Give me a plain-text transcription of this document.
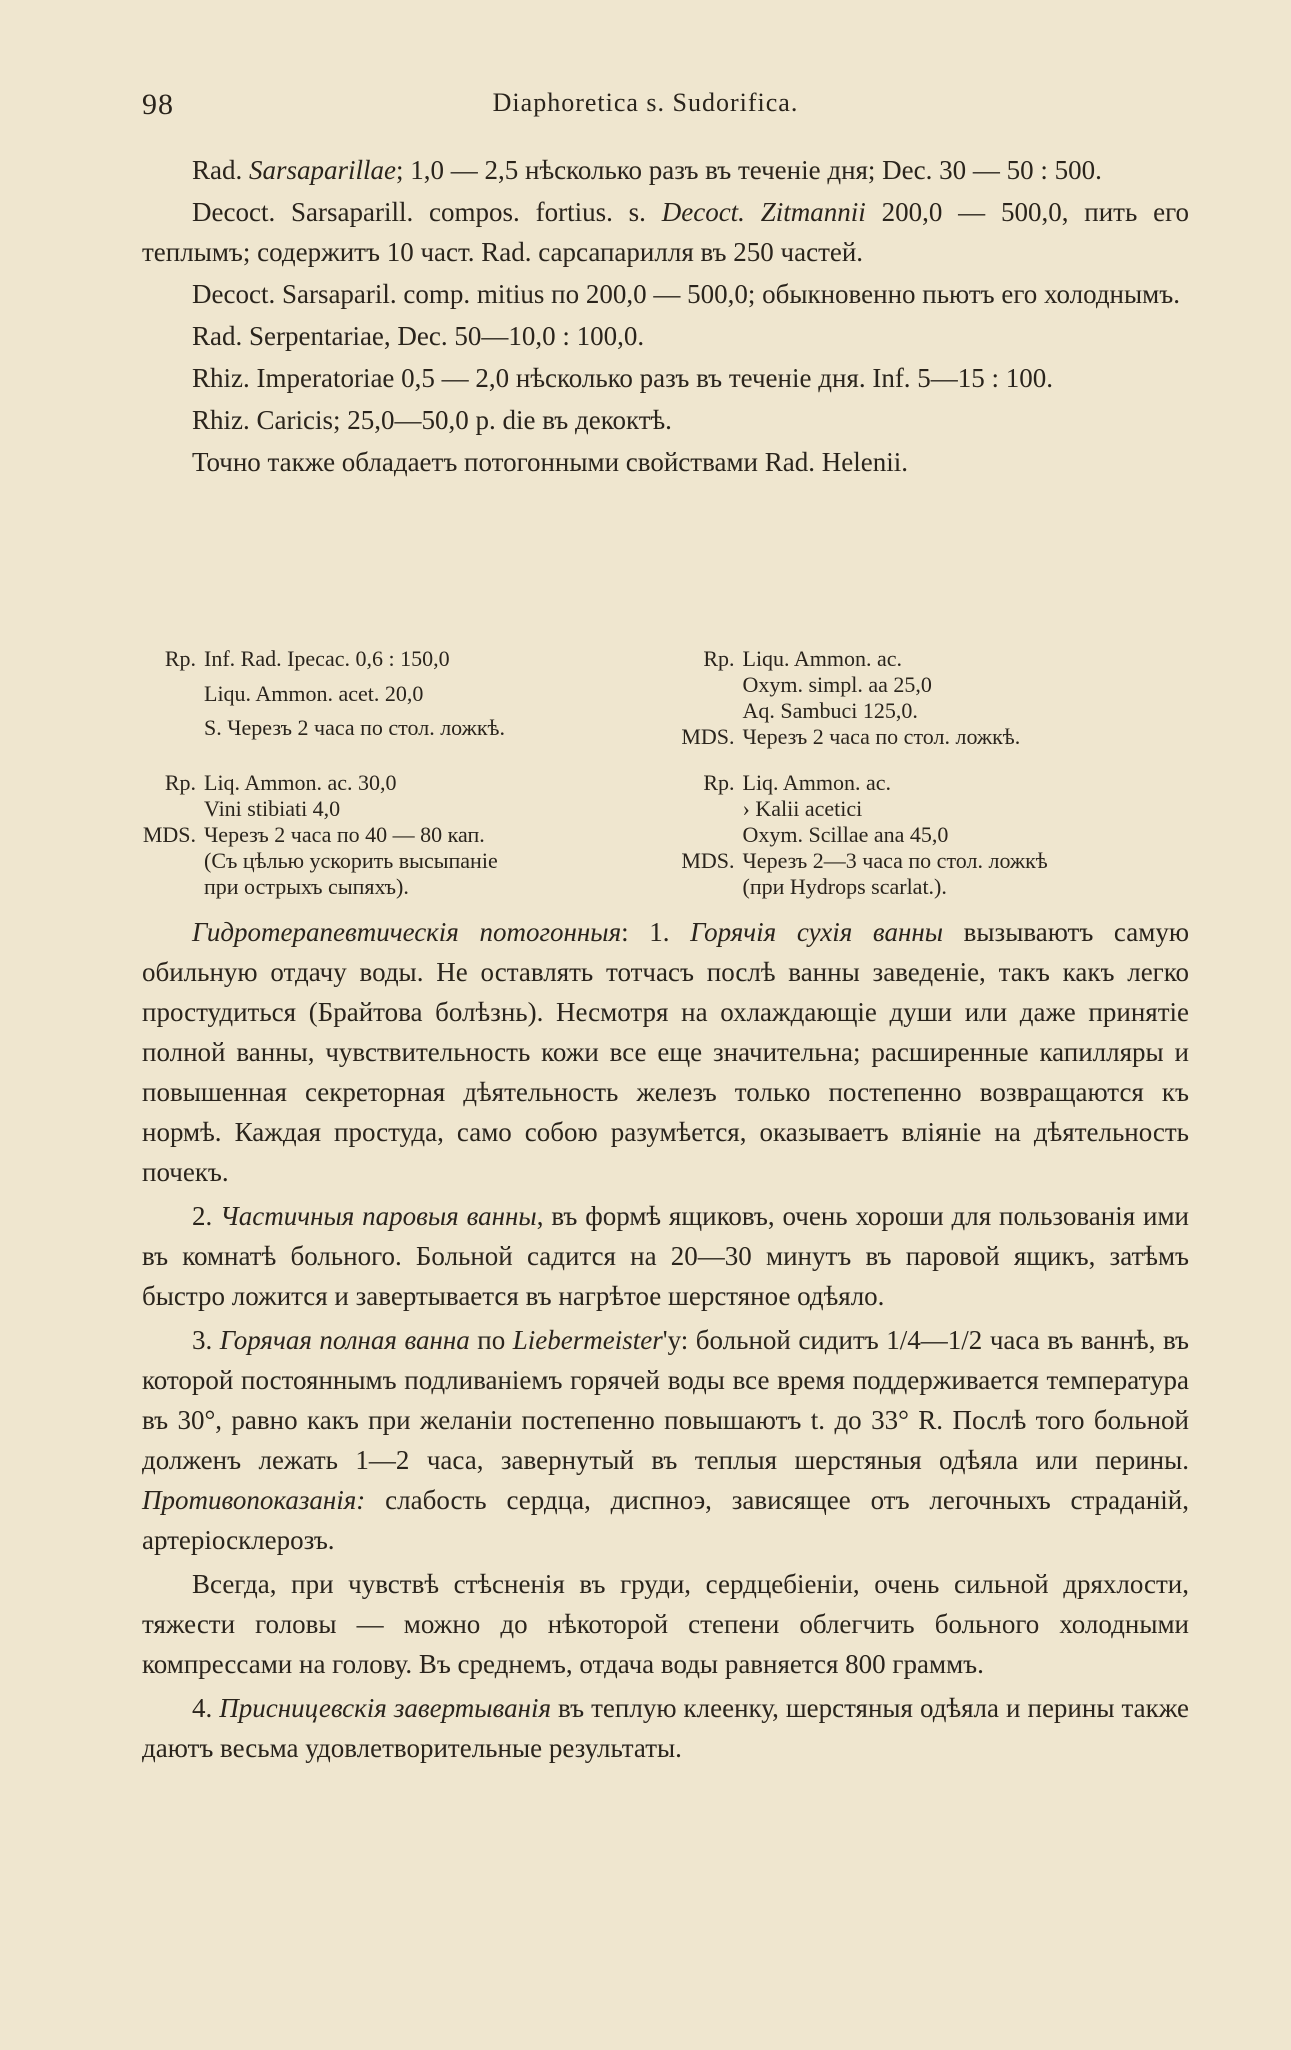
98	Diaphoretica s. Sudorifica.

Rad. Sarsaparillae; 1,0 — 2,5 нѣсколько разъ въ теченіе дня; Dec. 30 — 50 : 500.

Decoct. Sarsaparill. compos. fortius. s. Decoct. Zitmannii 200,0 — 500,0, пить его теплымъ; содержитъ 10 част. Rad. сарсапарилля въ 250 частей.

Decoct. Sarsaparil. comp. mitius по 200,0 — 500,0; обыкновенно пьютъ его холоднымъ.

Rad. Serpentariae, Dec. 50—10,0 : 100,0.

Rhiz. Imperatoriae 0,5 — 2,0 нѣсколько разъ въ теченіе дня. Inf. 5—15 : 100.

Rhiz. Caricis; 25,0—50,0 p. die въ декоктѣ.

Точно также обладаетъ потогонными свойствами Rad. Helenii.

Rp. Inf. Rad. Ipecac. 0,6 : 150,0
Liqu. Ammon. acet. 20,0
S. Черезъ 2 часа по стол. ложкѣ.
Rp. Liqu. Ammon. ac.
Oxym. simpl. aa 25,0
Aq. Sambuci 125,0.
MDS. Черезъ 2 часа по стол. ложкѣ.
Rp. Liq. Ammon. ac. 30,0
Vini stibiati 4,0
MDS. Черезъ 2 часа по 40 — 80 кап.
(Съ цѣлью ускорить высыпаніе
при острыхъ сыпяхъ).
Rp. Liq. Ammon. ac.
› Kalii acetici
Oxym. Scillae ana 45,0
MDS. Черезъ 2—3 часа по стол. ложкѣ
(при Hydrops scarlat.).

Гидротерапевтическія потогонныя: 1. Горячія сухія ванны вызываютъ самую обильную отдачу воды. Не оставлять тотчасъ послѣ ванны заведеніе, такъ какъ легко простудиться (Брайтова болѣзнь). Несмотря на охлаждающіе души или даже принятіе полной ванны, чувствительность кожи все еще значительна; расширенные капилляры и повышенная секреторная дѣятельность железъ только постепенно возвращаются къ нормѣ. Каждая простуда, само собою разумѣется, оказываетъ вліяніе на дѣятельность почекъ.

2. Частичныя паровыя ванны, въ формѣ ящиковъ, очень хороши для пользованія ими въ комнатѣ больного. Больной садится на 20—30 минутъ въ паровой ящикъ, затѣмъ быстро ложится и завертывается въ нагрѣтое шерстяное одѣяло.

3. Горячая полная ванна по Liebermeister'у: больной сидитъ 1/4—1/2 часа въ ваннѣ, въ которой постояннымъ подливаніемъ горячей воды все время поддерживается температура въ 30°, равно какъ при желаніи постепенно повышаютъ t. до 33° R. Послѣ того больной долженъ лежать 1—2 часа, завернутый въ теплыя шерстяныя одѣяла или перины. Противопоказанія: слабость сердца, диспноэ, зависящее отъ легочныхъ страданій, артеріосклерозъ.

Всегда, при чувствѣ стѣсненія въ груди, сердцебіеніи, очень сильной дряхлости, тяжести головы — можно до нѣкоторой степени облегчить больного холодными компрессами на голову. Въ среднемъ, отдача воды равняется 800 граммъ.

4. Присницевскія завертыванія въ теплую клеенку, шерстяныя одѣяла и перины также даютъ весьма удовлетворительные результаты.
